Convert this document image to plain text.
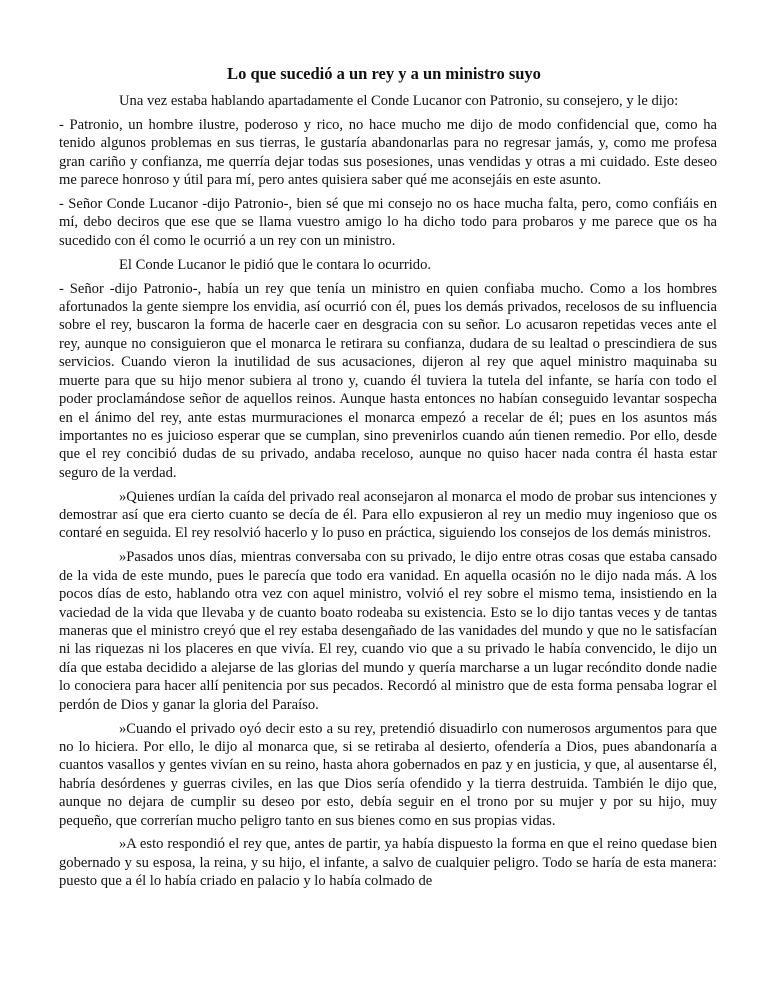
Lo que sucedió a un rey y a un ministro suyo

Una vez estaba hablando apartadamente el Conde Lucanor con Patronio, su consejero, y le dijo:

- Patronio, un hombre ilustre, poderoso y rico, no hace mucho me dijo de modo confidencial que, como ha tenido algunos problemas en sus tierras, le gustaría abandonarlas para no regresar jamás, y, como me profesa gran cariño y confianza, me querría dejar todas sus posesiones, unas vendidas y otras a mi cuidado. Este deseo me parece honroso y útil para mí, pero antes quisiera saber qué me aconsejáis en este asunto.

- Señor Conde Lucanor -dijo Patronio-, bien sé que mi consejo no os hace mucha falta, pero, como confiáis en mí, debo deciros que ese que se llama vuestro amigo lo ha dicho todo para probaros y me parece que os ha sucedido con él como le ocurrió a un rey con un ministro.

El Conde Lucanor le pidió que le contara lo ocurrido.

- Señor -dijo Patronio-, había un rey que tenía un ministro en quien confiaba mucho. Como a los hombres afortunados la gente siempre los envidia, así ocurrió con él, pues los demás privados, recelosos de su influencia sobre el rey, buscaron la forma de hacerle caer en desgracia con su señor. Lo acusaron repetidas veces ante el rey, aunque no consiguieron que el monarca le retirara su confianza, dudara de su lealtad o prescindiera de sus servicios. Cuando vieron la inutilidad de sus acusaciones, dijeron al rey que aquel ministro maquinaba su muerte para que su hijo menor subiera al trono y, cuando él tuviera la tutela del infante, se haría con todo el poder proclamándose señor de aquellos reinos. Aunque hasta entonces no habían conseguido levantar sospecha en el ánimo del rey, ante estas murmuraciones el monarca empezó a recelar de él; pues en los asuntos más importantes no es juicioso esperar que se cumplan, sino prevenirlos cuando aún tienen remedio. Por ello, desde que el rey concibió dudas de su privado, andaba receloso, aunque no quiso hacer nada contra él hasta estar seguro de la verdad.

»Quienes urdían la caída del privado real aconsejaron al monarca el modo de probar sus intenciones y demostrar así que era cierto cuanto se decía de él. Para ello expusieron al rey un medio muy ingenioso que os contaré en seguida. El rey resolvió hacerlo y lo puso en práctica, siguiendo los consejos de los demás ministros.

»Pasados unos días, mientras conversaba con su privado, le dijo entre otras cosas que estaba cansado de la vida de este mundo, pues le parecía que todo era vanidad. En aquella ocasión no le dijo nada más. A los pocos días de esto, hablando otra vez con aquel ministro, volvió el rey sobre el mismo tema, insistiendo en la vaciedad de la vida que llevaba y de cuanto boato rodeaba su existencia. Esto se lo dijo tantas veces y de tantas maneras que el ministro creyó que el rey estaba desengañado de las vanidades del mundo y que no le satisfacían ni las riquezas ni los placeres en que vivía. El rey, cuando vio que a su privado le había convencido, le dijo un día que estaba decidido a alejarse de las glorias del mundo y quería marcharse a un lugar recóndito donde nadie lo conociera para hacer allí penitencia por sus pecados. Recordó al ministro que de esta forma pensaba lograr el perdón de Dios y ganar la gloria del Paraíso.

»Cuando el privado oyó decir esto a su rey, pretendió disuadirlo con numerosos argumentos para que no lo hiciera. Por ello, le dijo al monarca que, si se retiraba al desierto, ofendería a Dios, pues abandonaría a cuantos vasallos y gentes vivían en su reino, hasta ahora gobernados en paz y en justicia, y que, al ausentarse él, habría desórdenes y guerras civiles, en las que Dios sería ofendido y la tierra destruida. También le dijo que, aunque no dejara de cumplir su deseo por esto, debía seguir en el trono por su mujer y por su hijo, muy pequeño, que correrían mucho peligro tanto en sus bienes como en sus propias vidas.

»A esto respondió el rey que, antes de partir, ya había dispuesto la forma en que el reino quedase bien gobernado y su esposa, la reina, y su hijo, el infante, a salvo de cualquier peligro. Todo se haría de esta manera: puesto que a él lo había criado en palacio y lo había colmado de
